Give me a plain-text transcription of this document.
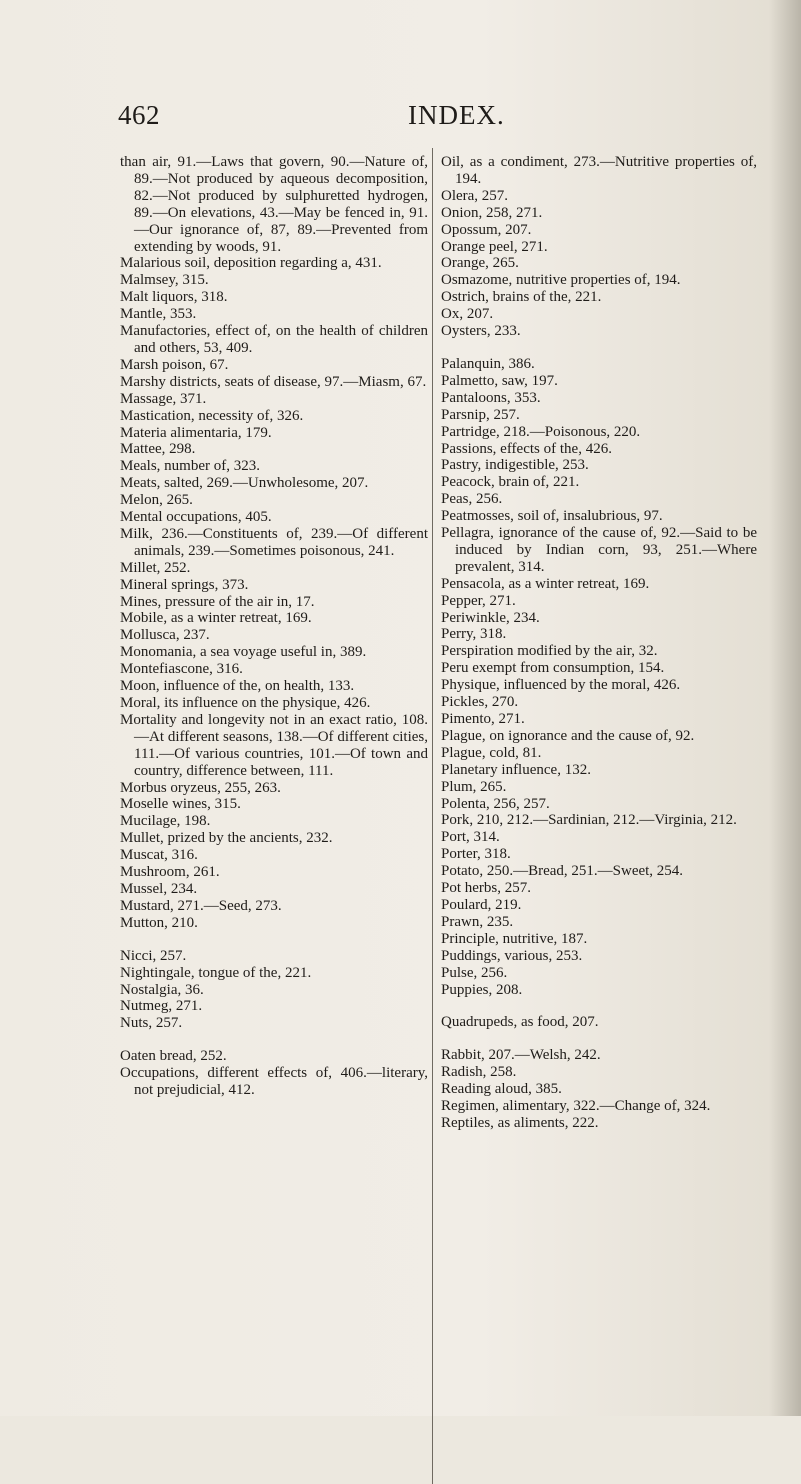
462	INDEX.
than air, 91.—Laws that govern, 90.—Nature of, 89.—Not produced by aqueous decomposition, 82.—Not produced by sulphuretted hydrogen, 89.—On elevations, 43.—May be fenced in, 91.—Our ignorance of, 87, 89.—Prevented from extending by woods, 91.
Malarious soil, deposition regarding a, 431.
Malmsey, 315.
Malt liquors, 318.
Mantle, 353.
Manufactories, effect of, on the health of children and others, 53, 409.
Marsh poison, 67.
Marshy districts, seats of disease, 97.—Miasm, 67.
Massage, 371.
Mastication, necessity of, 326.
Materia alimentaria, 179.
Mattee, 298.
Meals, number of, 323.
Meats, salted, 269.—Unwholesome, 207.
Melon, 265.
Mental occupations, 405.
Milk, 236.—Constituents of, 239.—Of different animals, 239.—Sometimes poisonous, 241.
Millet, 252.
Mineral springs, 373.
Mines, pressure of the air in, 17.
Mobile, as a winter retreat, 169.
Mollusca, 237.
Monomania, a sea voyage useful in, 389.
Montefiascone, 316.
Moon, influence of the, on health, 133.
Moral, its influence on the physique, 426.
Mortality and longevity not in an exact ratio, 108.—At different seasons, 138.—Of different cities, 111.—Of various countries, 101.—Of town and country, difference between, 111.
Morbus oryzeus, 255, 263.
Moselle wines, 315.
Mucilage, 198.
Mullet, prized by the ancients, 232.
Muscat, 316.
Mushroom, 261.
Mussel, 234.
Mustard, 271.—Seed, 273.
Mutton, 210.
Nicci, 257.
Nightingale, tongue of the, 221.
Nostalgia, 36.
Nutmeg, 271.
Nuts, 257.
Oaten bread, 252.
Occupations, different effects of, 406.—literary, not prejudicial, 412.
Oil, as a condiment, 273.—Nutritive properties of, 194.
Olera, 257.
Onion, 258, 271.
Opossum, 207.
Orange peel, 271.
Orange, 265.
Osmazome, nutritive properties of, 194.
Ostrich, brains of the, 221.
Ox, 207.
Oysters, 233.
Palanquin, 386.
Palmetto, saw, 197.
Pantaloons, 353.
Parsnip, 257.
Partridge, 218.—Poisonous, 220.
Passions, effects of the, 426.
Pastry, indigestible, 253.
Peacock, brain of, 221.
Peas, 256.
Peatmosses, soil of, insalubrious, 97.
Pellagra, ignorance of the cause of, 92.—Said to be induced by Indian corn, 93, 251.—Where prevalent, 314.
Pensacola, as a winter retreat, 169.
Pepper, 271.
Periwinkle, 234.
Perry, 318.
Perspiration modified by the air, 32.
Peru exempt from consumption, 154.
Physique, influenced by the moral, 426.
Pickles, 270.
Pimento, 271.
Plague, on ignorance and the cause of, 92.
Plague, cold, 81.
Planetary influence, 132.
Plum, 265.
Polenta, 256, 257.
Pork, 210, 212.—Sardinian, 212.—Virginia, 212.
Port, 314.
Porter, 318.
Potato, 250.—Bread, 251.—Sweet, 254.
Pot herbs, 257.
Poulard, 219.
Prawn, 235.
Principle, nutritive, 187.
Puddings, various, 253.
Pulse, 256.
Puppies, 208.
Quadrupeds, as food, 207.
Rabbit, 207.—Welsh, 242.
Radish, 258.
Reading aloud, 385.
Regimen, alimentary, 322.—Change of, 324.
Reptiles, as aliments, 222.
